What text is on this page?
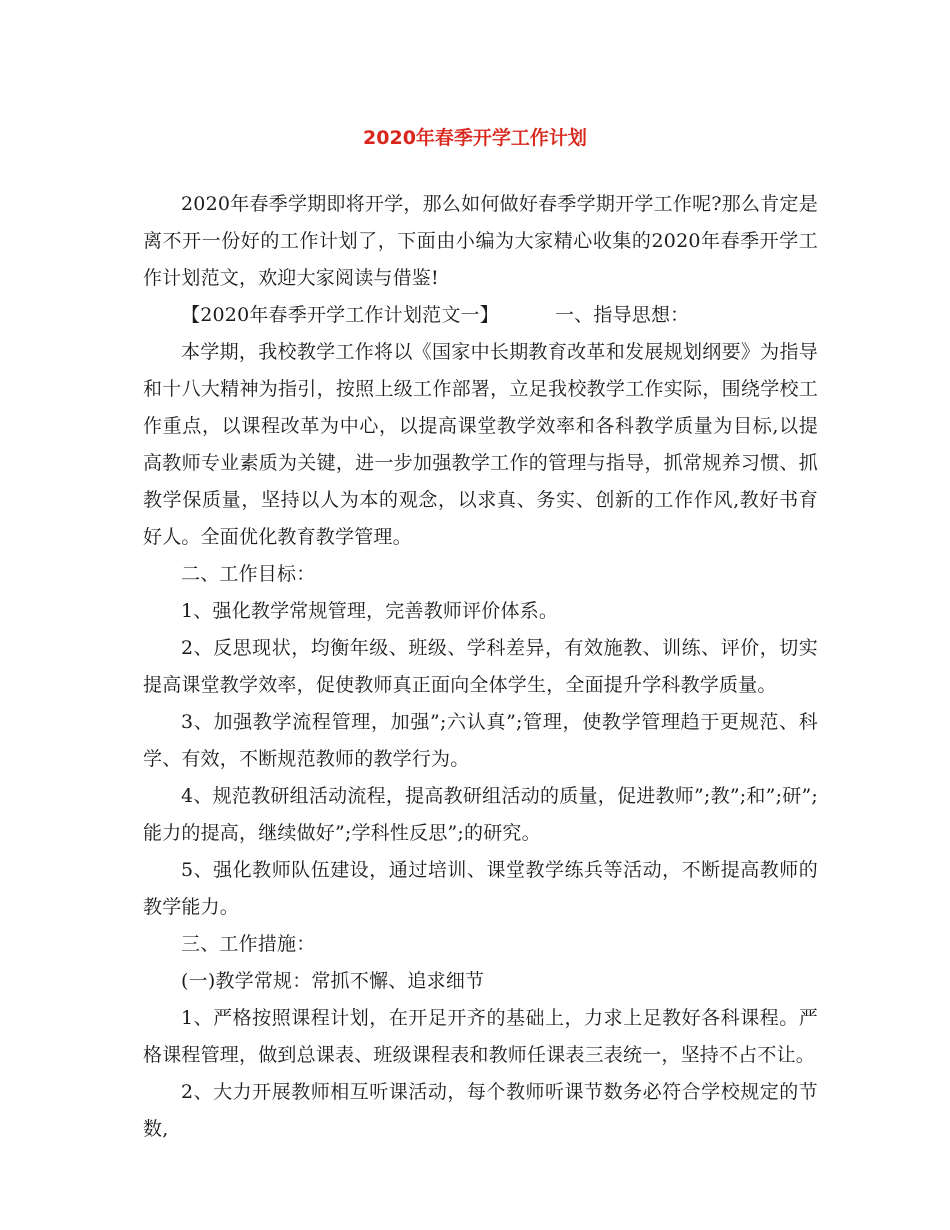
2020年春季开学工作计划

2020年春季学期即将开学，那么如何做好春季学期开学工作呢?那么肯定是离不开一份好的工作计划了，下面由小编为大家精心收集的2020年春季开学工作计划范文，欢迎大家阅读与借鉴!

【2020年春季开学工作计划范文一】	一、指导思想：

本学期，我校教学工作将以《国家中长期教育改革和发展规划纲要》为指导和十八大精神为指引，按照上级工作部署，立足我校教学工作实际，围绕学校工作重点，以课程改革为中心，以提高课堂教学效率和各科教学质量为目标,以提高教师专业素质为关键，进一步加强教学工作的管理与指导，抓常规养习惯、抓教学保质量，坚持以人为本的观念，以求真、务实、创新的工作作风,教好书育好人。全面优化教育教学管理。

二、工作目标：

1、强化教学常规管理，完善教师评价体系。

2、反思现状，均衡年级、班级、学科差异，有效施教、训练、评价，切实提高课堂教学效率，促使教师真正面向全体学生，全面提升学科教学质量。

3、加强教学流程管理，加强”;六认真”;管理，使教学管理趋于更规范、科学、有效，不断规范教师的教学行为。

4、规范教研组活动流程，提高教研组活动的质量，促进教师”;教”;和”;研”;能力的提高，继续做好”;学科性反思”;的研究。

5、强化教师队伍建设，通过培训、课堂教学练兵等活动，不断提高教师的教学能力。

三、工作措施：

(一)教学常规：常抓不懈、追求细节

1、严格按照课程计划，在开足开齐的基础上，力求上足教好各科课程。严格课程管理，做到总课表、班级课程表和教师任课表三表统一，坚持不占不让。

2、大力开展教师相互听课活动，每个教师听课节数务必符合学校规定的节数,
